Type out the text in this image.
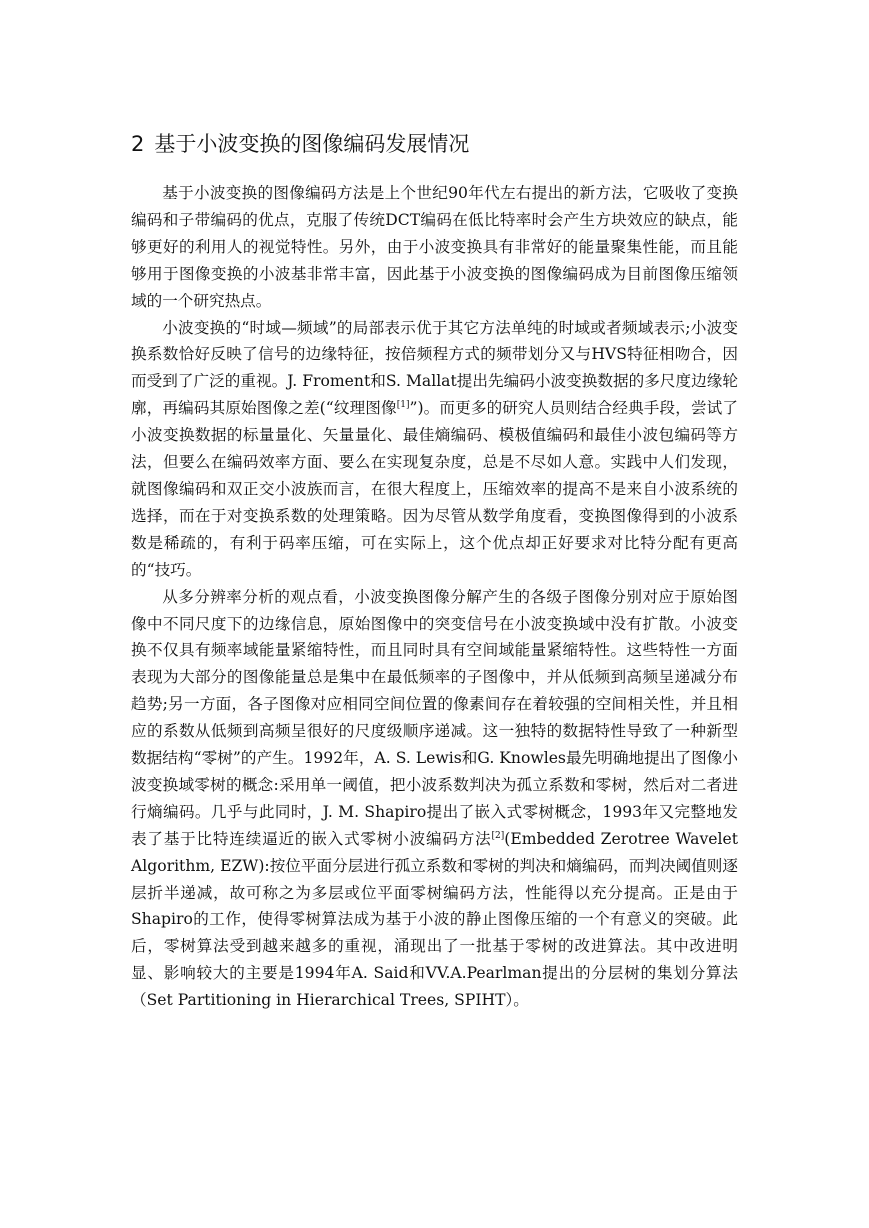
2 基于小波变换的图像编码发展情况

基于小波变换的图像编码方法是上个世纪90年代左右提出的新方法，它吸收了变换编码和子带编码的优点，克服了传统DCT编码在低比特率时会产生方块效应的缺点，能够更好的利用人的视觉特性。另外，由于小波变换具有非常好的能量聚集性能，而且能够用于图像变换的小波基非常丰富，因此基于小波变换的图像编码成为目前图像压缩领域的一个研究热点。

小波变换的“时域—频域”的局部表示优于其它方法单纯的时域或者频域表示;小波变换系数恰好反映了信号的边缘特征，按倍频程方式的频带划分又与HVS特征相吻合，因而受到了广泛的重视。J. Froment和S. Mallat提出先编码小波变换数据的多尺度边缘轮廓，再编码其原始图像之差(“纹理图像[1]”)。而更多的研究人员则结合经典手段，尝试了小波变换数据的标量量化、矢量量化、最佳熵编码、模极值编码和最佳小波包编码等方法，但要么在编码效率方面、要么在实现复杂度，总是不尽如人意。实践中人们发现，就图像编码和双正交小波族而言，在很大程度上，压缩效率的提高不是来自小波系统的选择，而在于对变换系数的处理策略。因为尽管从数学角度看，变换图像得到的小波系数是稀疏的，有利于码率压缩，可在实际上，这个优点却正好要求对比特分配有更高的“技巧。

从多分辨率分析的观点看，小波变换图像分解产生的各级子图像分别对应于原始图像中不同尺度下的边缘信息，原始图像中的突变信号在小波变换域中没有扩散。小波变换不仅具有频率域能量紧缩特性，而且同时具有空间域能量紧缩特性。这些特性一方面表现为大部分的图像能量总是集中在最低频率的子图像中，并从低频到高频呈递减分布趋势;另一方面，各子图像对应相同空间位置的像素间存在着较强的空间相关性，并且相应的系数从低频到高频呈很好的尺度级顺序递减。这一独特的数据特性导致了一种新型数据结构“零树”的产生。1992年，A. S. Lewis和G. Knowles最先明确地提出了图像小波变换域零树的概念:采用单一阈值，把小波系数判决为孤立系数和零树，然后对二者进行熵编码。几乎与此同时，J. M. Shapiro提出了嵌入式零树概念，1993年又完整地发表了基于比特连续逼近的嵌入式零树小波编码方法[2](Embedded Zerotree Wavelet Algorithm, EZW):按位平面分层进行孤立系数和零树的判决和熵编码，而判决阈值则逐层折半递减，故可称之为多层或位平面零树编码方法，性能得以充分提高。正是由于Shapiro的工作，使得零树算法成为基于小波的静止图像压缩的一个有意义的突破。此后，零树算法受到越来越多的重视，涌现出了一批基于零树的改进算法。其中改进明显、影响较大的主要是1994年A. Said和VV.A.Pearlman提出的分层树的集划分算法（Set Partitioning in Hierarchical Trees, SPIHT）。
